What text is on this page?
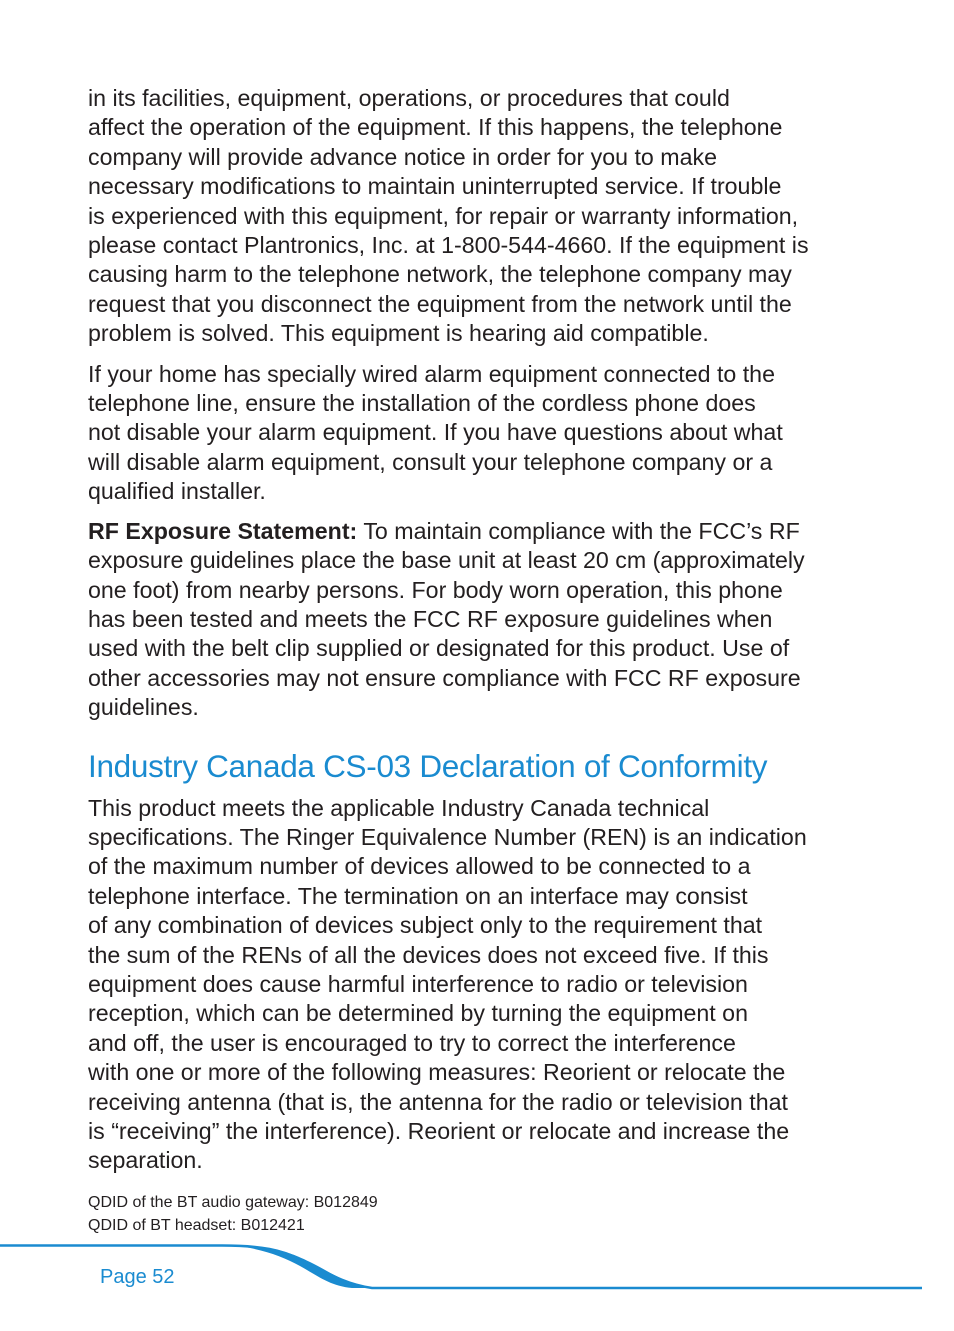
in its facilities, equipment, operations, or procedures that could
affect the operation of the equipment. If this happens, the telephone
company will provide advance notice in order for you to make
necessary modifications to maintain uninterrupted service. If trouble
is experienced with this equipment, for repair or warranty information,
please contact Plantronics, Inc. at 1-800-544-4660. If the equipment is
causing harm to the telephone network, the telephone company may
request that you disconnect the equipment from the network until the
problem is solved. This equipment is hearing aid compatible.

If your home has specially wired alarm equipment connected to the
telephone line, ensure the installation of the cordless phone does
not disable your alarm equipment. If you have questions about what
will disable alarm equipment, consult your telephone company or a
qualified installer.

RF Exposure Statement: To maintain compliance with the FCC’s RF
exposure guidelines place the base unit at least 20 cm (approximately
one foot) from nearby persons. For body worn operation, this phone
has been tested and meets the FCC RF exposure guidelines when
used with the belt clip supplied or designated for this product. Use of
other accessories may not ensure compliance with FCC RF exposure
guidelines.

Industry Canada CS-03 Declaration of Conformity

This product meets the applicable Industry Canada technical
specifications. The Ringer Equivalence Number (REN) is an indication
of the maximum number of devices allowed to be connected to a
telephone interface. The termination on an interface may consist
of any combination of devices subject only to the requirement that
the sum of the RENs of all the devices does not exceed five. If this
equipment does cause harmful interference to radio or television
reception, which can be determined by turning the equipment on
and off, the user is encouraged to try to correct the interference
with one or more of the following measures: Reorient or relocate the
receiving antenna (that is, the antenna for the radio or television that
is “receiving” the interference). Reorient or relocate and increase the
separation.

QDID of the BT audio gateway: B012849
QDID of BT headset: B012421
Page 52
